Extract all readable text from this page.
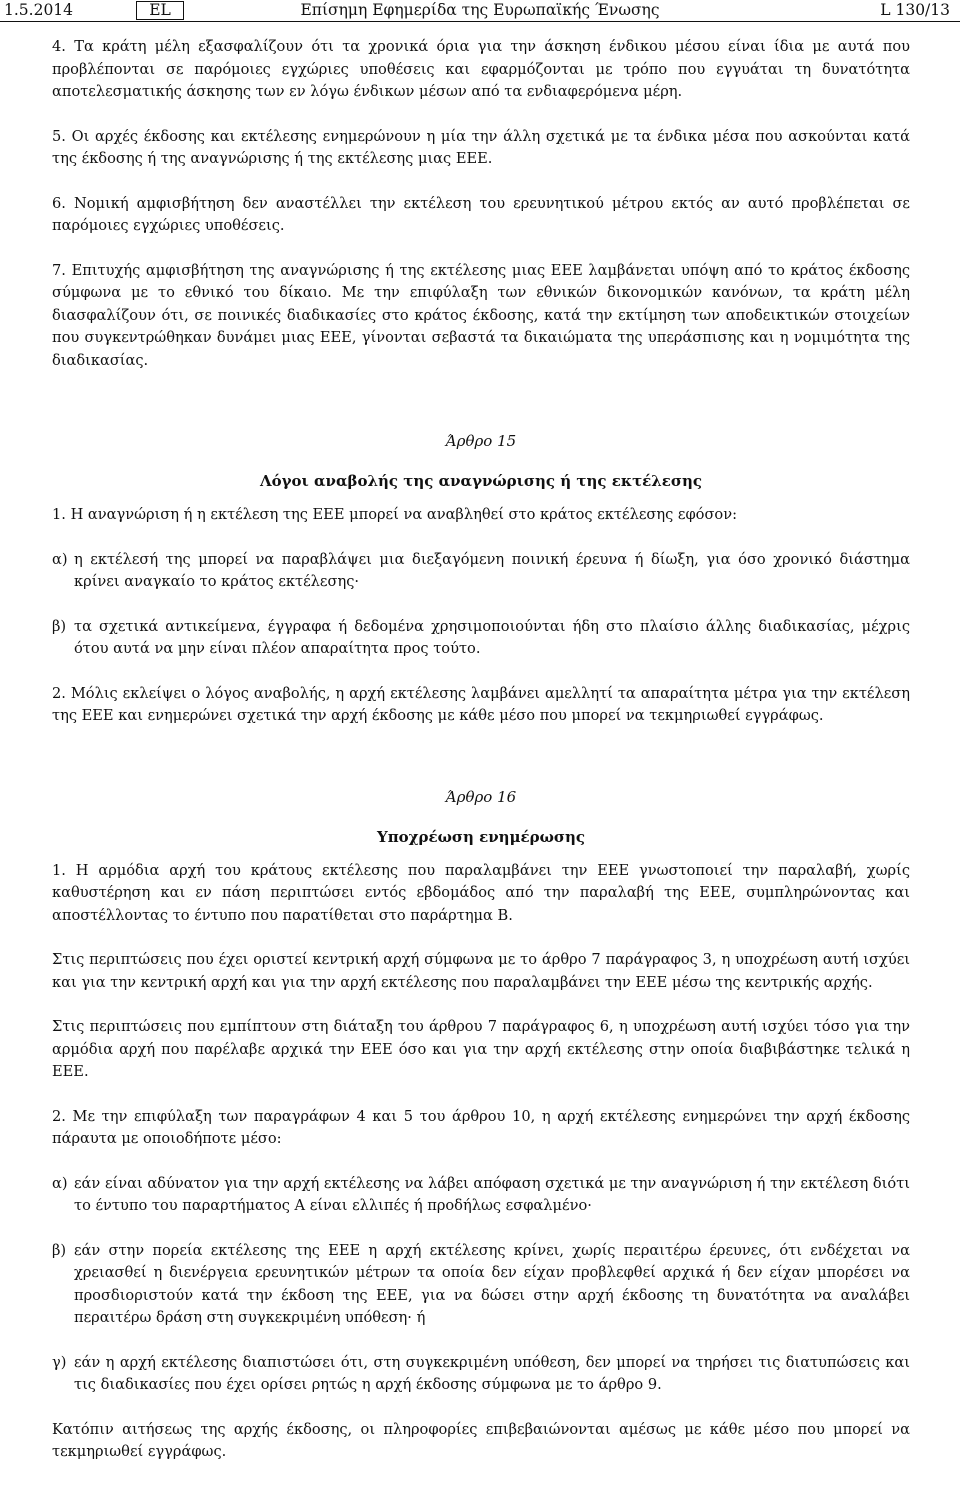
1.5.2014	EL	Επίσημη Εφημερίδα της Ευρωπαϊκής Ένωσης	L 130/13

4. Τα κράτη μέλη εξασφαλίζουν ότι τα χρονικά όρια για την άσκηση ένδικου μέσου είναι ίδια με αυτά που προβλέπονται σε παρόμοιες εγχώριες υποθέσεις και εφαρμόζονται με τρόπο που εγγυάται τη δυνατότητα αποτελεσματικής άσκησης των εν λόγω ένδικων μέσων από τα ενδιαφερόμενα μέρη.

5. Οι αρχές έκδοσης και εκτέλεσης ενημερώνουν η μία την άλλη σχετικά με τα ένδικα μέσα που ασκούνται κατά της έκδοσης ή της αναγνώρισης ή της εκτέλεσης μιας ΕΕΕ.

6. Νομική αμφισβήτηση δεν αναστέλλει την εκτέλεση του ερευνητικού μέτρου εκτός αν αυτό προβλέπεται σε παρόμοιες εγχώριες υποθέσεις.

7. Επιτυχής αμφισβήτηση της αναγνώρισης ή της εκτέλεσης μιας ΕΕΕ λαμβάνεται υπόψη από το κράτος έκδοσης σύμφωνα με το εθνικό του δίκαιο. Με την επιφύλαξη των εθνικών δικονομικών κανόνων, τα κράτη μέλη διασφαλίζουν ότι, σε ποινικές διαδικασίες στο κράτος έκδοσης, κατά την εκτίμηση των αποδεικτικών στοιχείων που συγκεντρώθηκαν δυνάμει μιας ΕΕΕ, γίνονται σεβαστά τα δικαιώματα της υπεράσπισης και η νομιμότητα της διαδικασίας.

Άρθρο 15

Λόγοι αναβολής της αναγνώρισης ή της εκτέλεσης

1. Η αναγνώριση ή η εκτέλεση της ΕΕΕ μπορεί να αναβληθεί στο κράτος εκτέλεσης εφόσον:

α) η εκτέλεσή της μπορεί να παραβλάψει μια διεξαγόμενη ποινική έρευνα ή δίωξη, για όσο χρονικό διάστημα κρίνει αναγκαίο το κράτος εκτέλεσης·
β) τα σχετικά αντικείμενα, έγγραφα ή δεδομένα χρησιμοποιούνται ήδη στο πλαίσιο άλλης διαδικασίας, μέχρις ότου αυτά να μην είναι πλέον απαραίτητα προς τούτο.

2. Μόλις εκλείψει ο λόγος αναβολής, η αρχή εκτέλεσης λαμβάνει αμελλητί τα απαραίτητα μέτρα για την εκτέλεση της ΕΕΕ και ενημερώνει σχετικά την αρχή έκδοσης με κάθε μέσο που μπορεί να τεκμηριωθεί εγγράφως.

Άρθρο 16

Υποχρέωση ενημέρωσης

1. Η αρμόδια αρχή του κράτους εκτέλεσης που παραλαμβάνει την ΕΕΕ γνωστοποιεί την παραλαβή, χωρίς καθυστέρηση και εν πάση περιπτώσει εντός εβδομάδος από την παραλαβή της ΕΕΕ, συμπληρώνοντας και αποστέλλοντας το έντυπο που παρατίθεται στο παράρτημα Β.

Στις περιπτώσεις που έχει οριστεί κεντρική αρχή σύμφωνα με το άρθρο 7 παράγραφος 3, η υποχρέωση αυτή ισχύει και για την κεντρική αρχή και για την αρχή εκτέλεσης που παραλαμβάνει την ΕΕΕ μέσω της κεντρικής αρχής.

Στις περιπτώσεις που εμπίπτουν στη διάταξη του άρθρου 7 παράγραφος 6, η υποχρέωση αυτή ισχύει τόσο για την αρμόδια αρχή που παρέλαβε αρχικά την ΕΕΕ όσο και για την αρχή εκτέλεσης στην οποία διαβιβάστηκε τελικά η ΕΕΕ.

2. Με την επιφύλαξη των παραγράφων 4 και 5 του άρθρου 10, η αρχή εκτέλεσης ενημερώνει την αρχή έκδοσης πάραυτα με οποιοδήποτε μέσο:

α) εάν είναι αδύνατον για την αρχή εκτέλεσης να λάβει απόφαση σχετικά με την αναγνώριση ή την εκτέλεση διότι το έντυπο του παραρτήματος Α είναι ελλιπές ή προδήλως εσφαλμένο·
β) εάν στην πορεία εκτέλεσης της ΕΕΕ η αρχή εκτέλεσης κρίνει, χωρίς περαιτέρω έρευνες, ότι ενδέχεται να χρειασθεί η διενέργεια ερευνητικών μέτρων τα οποία δεν είχαν προβλεφθεί αρχικά ή δεν είχαν μπορέσει να προσδιοριστούν κατά την έκδοση της ΕΕΕ, για να δώσει στην αρχή έκδοσης τη δυνατότητα να αναλάβει περαιτέρω δράση στη συγκεκριμένη υπόθεση· ή
γ) εάν η αρχή εκτέλεσης διαπιστώσει ότι, στη συγκεκριμένη υπόθεση, δεν μπορεί να τηρήσει τις διατυπώσεις και τις διαδικασίες που έχει ορίσει ρητώς η αρχή έκδοσης σύμφωνα με το άρθρο 9.

Κατόπιν αιτήσεως της αρχής έκδοσης, οι πληροφορίες επιβεβαιώνονται αμέσως με κάθε μέσο που μπορεί να τεκμηριωθεί εγγράφως.
